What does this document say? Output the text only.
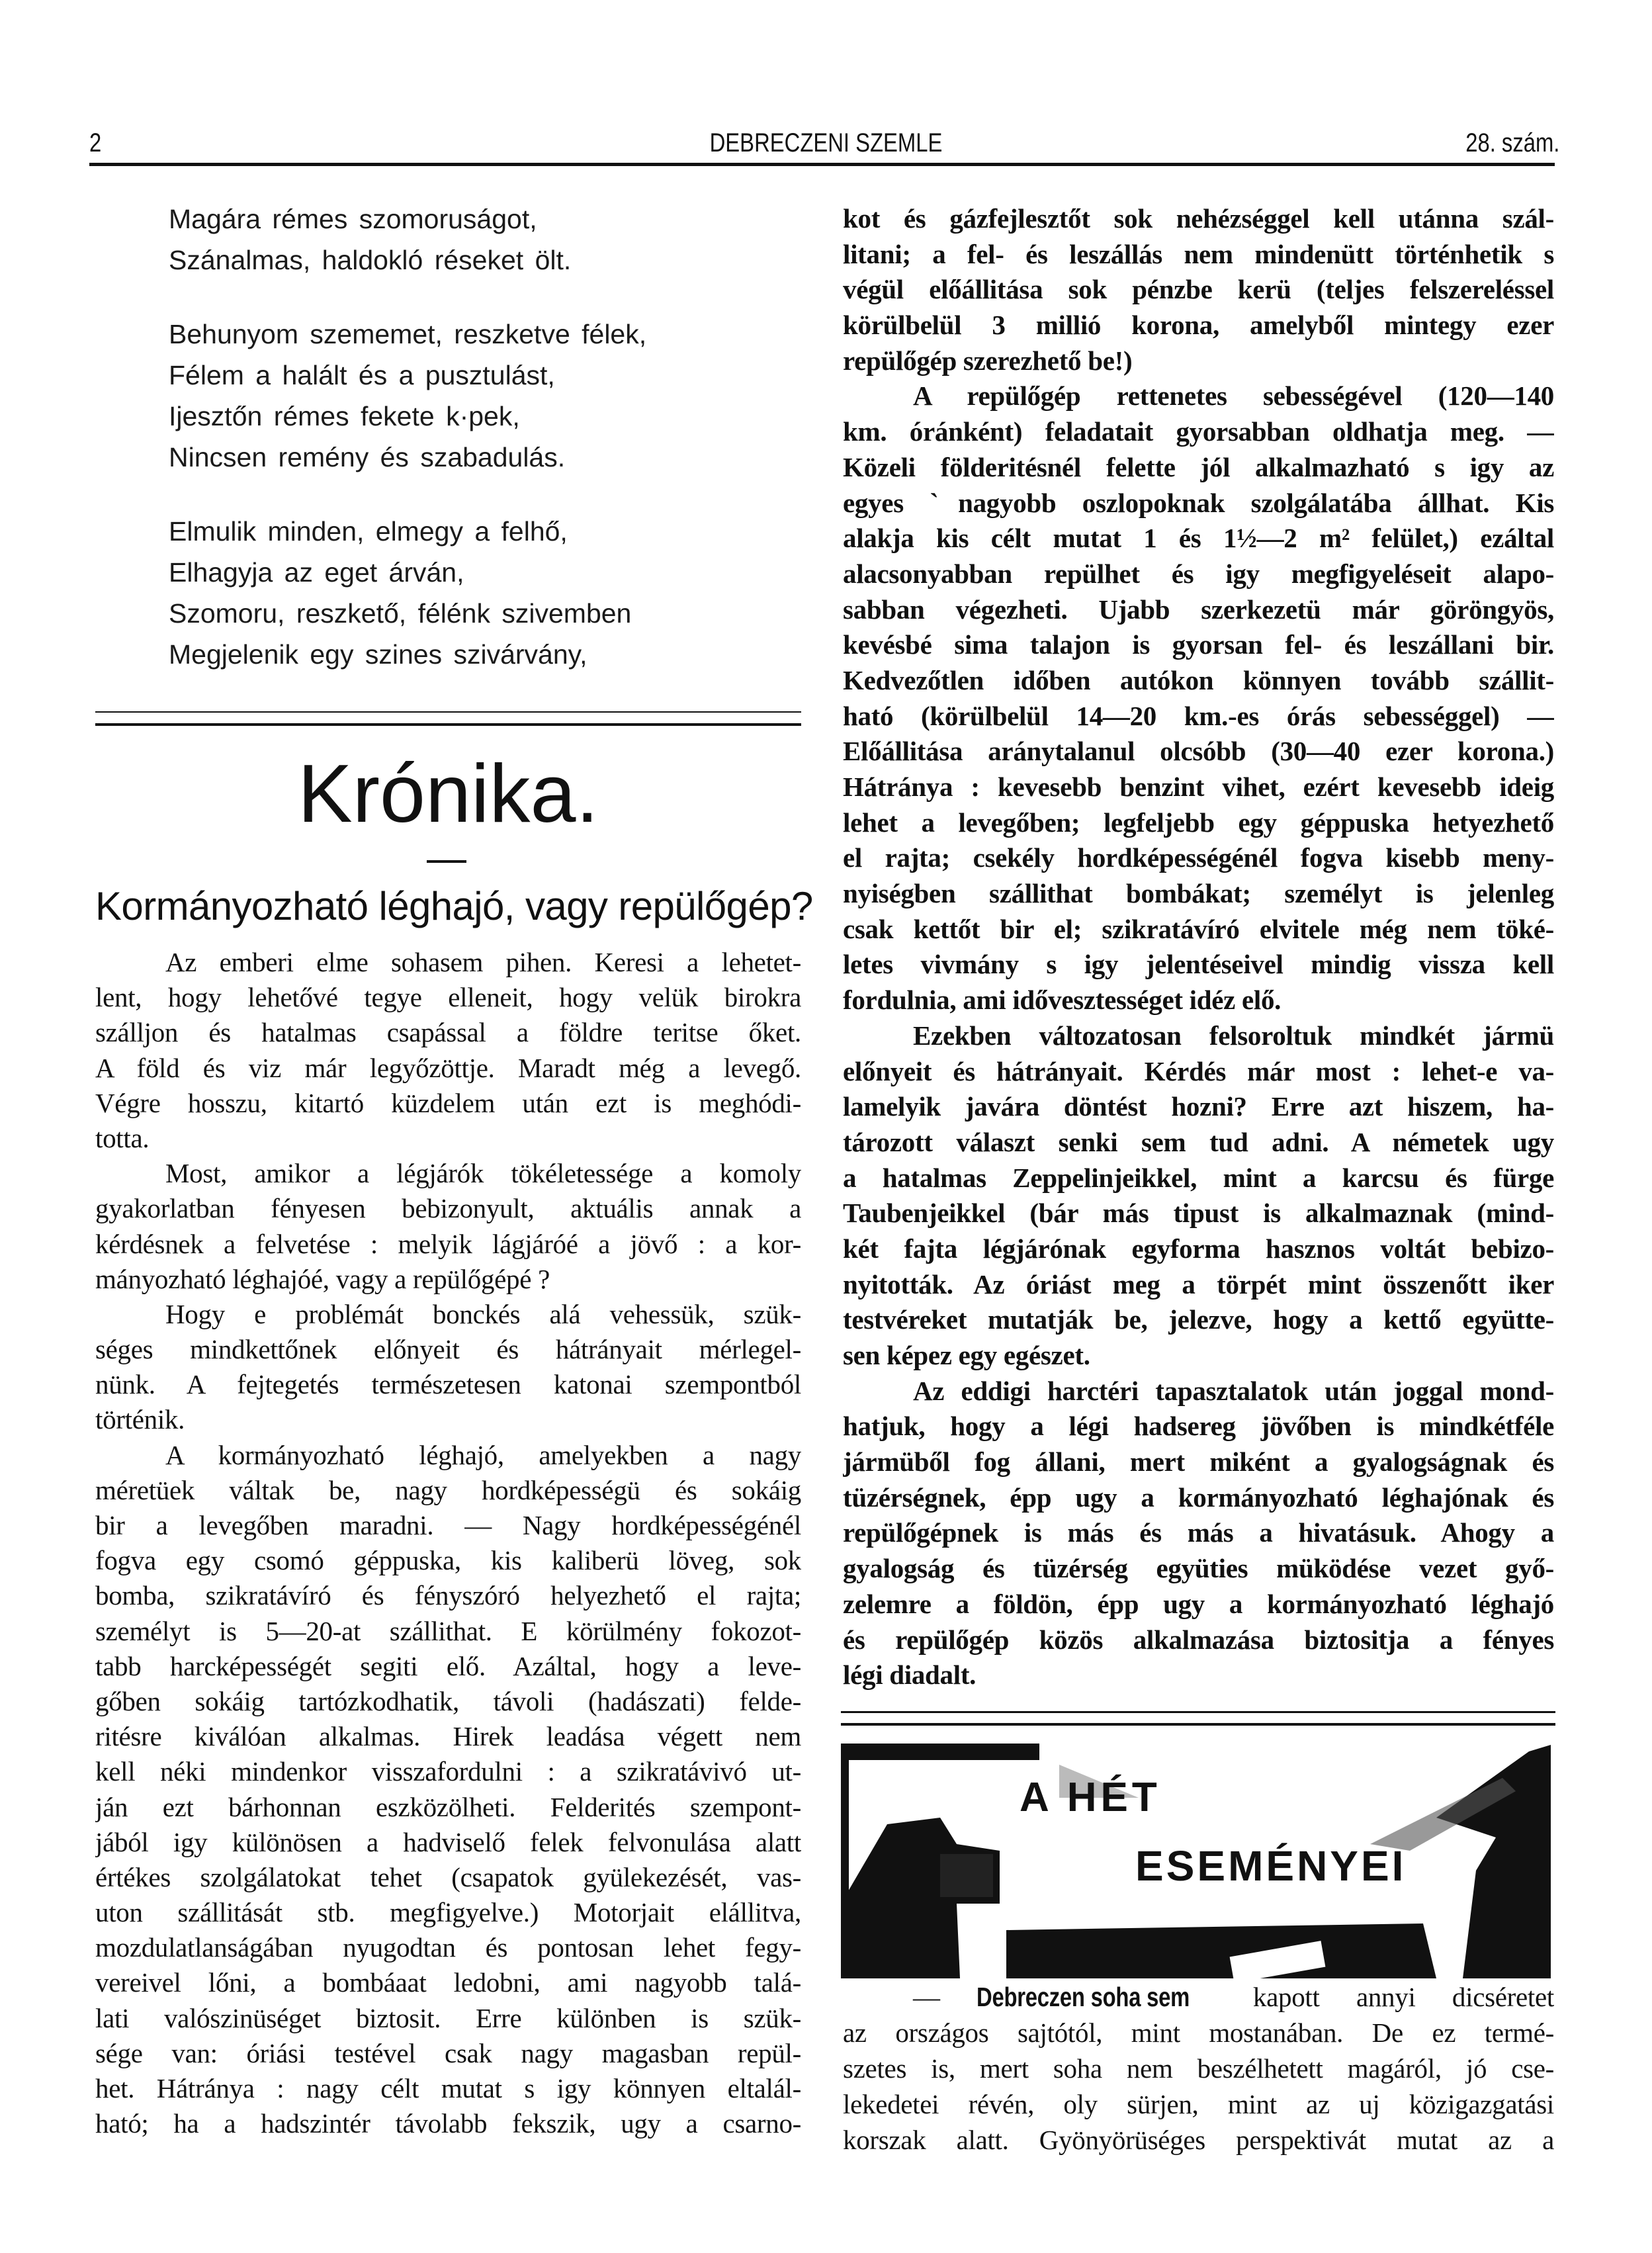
2	DEBRECZENI SZEMLE	28. szám.
Magára rémes szomoruságot,
Szánalmas, haldokló réseket ölt.
Behunyom szememet, reszketve félek,
Félem a halált és a pusztulást,
Ijesztőn rémes fekete k·pek,
Nincsen remény és szabadulás.
Elmulik minden, elmegy a felhő,
Elhagyja az eget árván,
Szomoru, reszkető, félénk szivemben
Megjelenik egy szines szivárvány,
Krónika.
Kormányozható léghajó, vagy repülőgép?
Az emberi elme sohasem pihen. Keresi a lehetet-
lent, hogy lehetővé tegye elleneit, hogy velük birokra
szálljon és hatalmas csapással a földre teritse őket.
A föld és viz már legyőzöttje. Maradt még a levegő.
Végre hosszu, kitartó küzdelem után ezt is meghódi-
totta.
Most, amikor a légjárók tökéletessége a komoly
gyakorlatban fényesen bebizonyult, aktuális annak a
kérdésnek a felvetése : melyik lágjáróé a jövő : a kor-
mányozható léghajóé, vagy a repülőgépé ?
Hogy e problémát bonckés alá vehessük, szük-
séges mindkettőnek előnyeit és hátrányait mérlegel-
nünk. A fejtegetés természetesen katonai szempontból
történik.
A kormányozható léghajó, amelyekben a nagy
méretüek váltak be, nagy hordképességü és sokáig
bir a levegőben maradni. — Nagy hordképességénél
fogva egy csomó géppuska, kis kaliberü löveg, sok
bomba, szikratávíró és fényszóró helyezhető el rajta;
személyt is 5—20-at szállithat. E körülmény fokozot-
tabb harcképességét segiti elő. Azáltal, hogy a leve-
gőben sokáig tartózkodhatik, távoli (hadászati) felde-
ritésre kiválóan alkalmas. Hirek leadása végett nem
kell néki mindenkor visszafordulni : a szikratávivó ut-
ján ezt bárhonnan eszközölheti. Felderités szempont-
jából igy különösen a hadviselő felek felvonulása alatt
értékes szolgálatokat tehet (csapatok gyülekezését, vas-
uton szállitását stb. megfigyelve.) Motorjait elállitva,
mozdulatlanságában nyugodtan és pontosan lehet fegy-
vereivel lőni, a bombáaat ledobni, ami nagyobb talá-
lati valószinüséget biztosit. Erre különben is szük-
sége van: óriási testével csak nagy magasban repül-
het. Hátránya : nagy célt mutat s igy könnyen eltalál-
ható; ha a hadszintér távolabb fekszik, ugy a csarno-
kot és gázfejlesztőt sok nehézséggel kell utánna szál-
litani; a fel- és leszállás nem mindenütt történhetik s
végül előállitása sok pénzbe kerü (teljes felszereléssel
körülbelül 3 millió korona, amelyből mintegy ezer
repülőgép szerezhető be!)
A repülőgép rettenetes sebességével (120—140
km. óránként) feladatait gyorsabban oldhatja meg. —
Közeli földeritésnél felette jól alkalmazható s igy az
egyes ˋnagyobb oszlopoknak szolgálatába állhat. Kis
alakja kis célt mutat 1 és 1½—2 m² felület,) ezáltal
alacsonyabban repülhet és igy megfigyeléseit alapo-
sabban végezheti. Ujabb szerkezetü már göröngyös,
kevésbé sima talajon is gyorsan fel- és leszállani bir.
Kedvezőtlen időben autókon könnyen tovább szállit-
ható (körülbelül 14—20 km.-es órás sebességgel) —
Előállitása aránytalanul olcsóbb (30—40 ezer korona.)
Hátránya : kevesebb benzint vihet, ezért kevesebb ideig
lehet a levegőben; legfeljebb egy géppuska hetyezhető
el rajta; csekély hordképességénél fogva kisebb meny-
nyiségben szállithat bombákat; személyt is jelenleg
csak kettőt bir el; szikratávíró elvitele még nem töké-
letes vivmány s igy jelentéseivel mindig vissza kell
fordulnia, ami idővesztességet idéz elő.
Ezekben változatosan felsoroltuk mindkét jármü
előnyeit és hátrányait. Kérdés már most : lehet-e va-
lamelyik javára döntést hozni? Erre azt hiszem, ha-
tározott választ senki sem tud adni. A németek ugy
a hatalmas Zeppelinjeikkel, mint a karcsu és fürge
Taubenjeikkel (bár más tipust is alkalmaznak (mind-
két fajta légjárónak egyforma hasznos voltát bebizo-
nyitották. Az óriást meg a törpét mint összenőtt iker
testvéreket mutatják be, jelezve, hogy a kettő együtte-
sen képez egy egészet.
Az eddigi harctéri tapasztalatok után joggal mond-
hatjuk, hogy a légi hadsereg jövőben is mindkétféle
jármüből fog állani, mert miként a gyalogságnak és
tüzérségnek, épp ugy a kormányozható léghajónak és
repülőgépnek is más és más a hivatásuk. Ahogy a
gyalogság és tüzérség együties müködése vezet győ-
zelemre a földön, épp ugy a kormányozható léghajó
és repülőgép közös alkalmazása biztositja a fényes
légi diadalt.
A HÉT
ESEMÉNYEI
— Debreczen soha sem kapott annyi dicséretet
az országos sajtótól, mint mostanában. De ez termé-
szetes is, mert soha nem beszélhetett magáról, jó cse-
lekedetei révén, oly sürjen, mint az uj közigazgatási
korszak alatt. Gyönyörüséges perspektivát mutat az a
